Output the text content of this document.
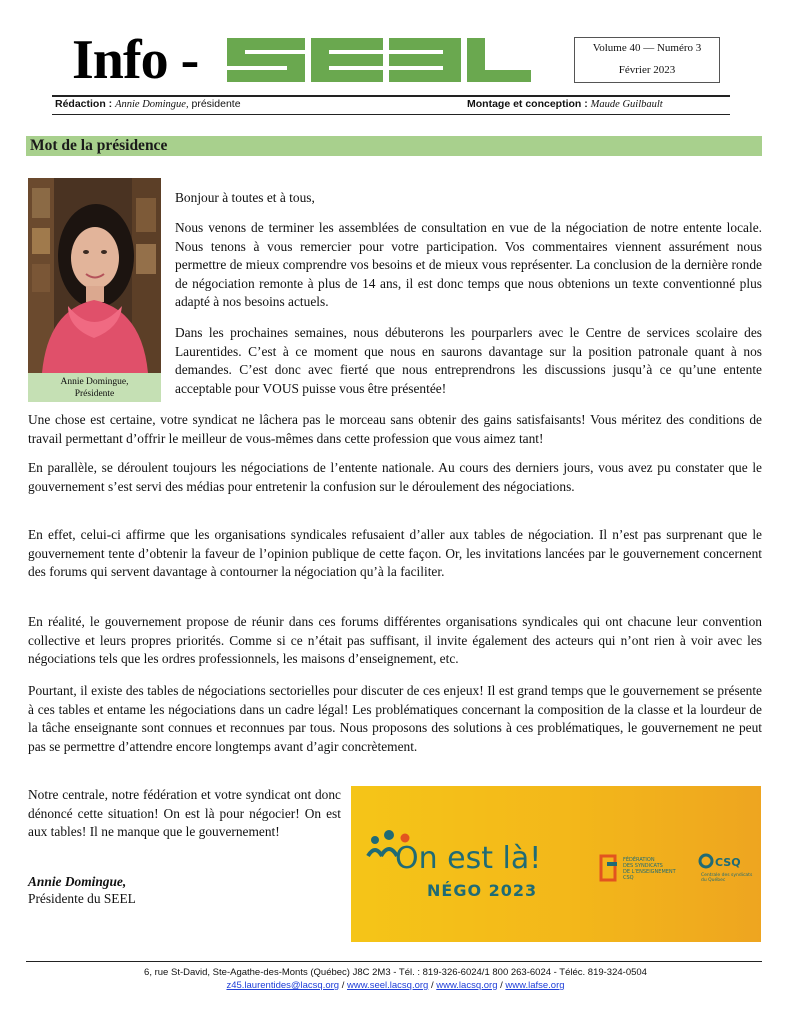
Info -	Volume 40 — Numéro 3
Février 2023
Rédaction : Annie Domingue, présidente	Montage et conception : Maude Guilbault
Mot de la présidence
Annie Domingue,
Présidente

Bonjour à toutes et à tous,

Nous venons de terminer les assemblées de consultation en vue de la négociation de notre entente locale. Nous tenons à vous remercier pour votre participation. Vos commentaires viennent assurément nous permettre de mieux comprendre vos besoins et de mieux vous représenter. La conclusion de la dernière ronde de négociation remonte à plus de 14 ans, il est donc temps que nous obtenions un texte conventionné plus adapté à nos besoins actuels.

Dans les prochaines semaines, nous débuterons les pourparlers avec le Centre de services scolaire des Laurentides. C’est à ce moment que nous en saurons davantage sur la position patronale quant à nos demandes. C’est donc avec fierté que nous entreprendrons les discussions jusqu’à ce qu’une entente acceptable pour VOUS puisse vous être présentée!

Une chose est certaine, votre syndicat ne lâchera pas le morceau sans obtenir des gains satisfaisants! Vous méritez des conditions de travail permettant d’offrir le meilleur de vous-mêmes dans cette profession que vous aimez tant!

En parallèle, se déroulent toujours les négociations de l’entente nationale. Au cours des derniers jours, vous avez pu constater que le gouvernement s’est servi des médias pour entretenir la confusion sur le déroulement des négociations.

En effet, celui-ci affirme que les organisations syndicales refusaient d’aller aux tables de négociation. Il n’est pas surprenant que le gouvernement tente d’obtenir la faveur de l’opinion publique de cette façon. Or, les invitations lancées par le gouvernement concernent des forums qui servent davantage à contourner la négociation qu’à la faciliter.

En réalité, le gouvernement propose de réunir dans ces forums différentes organisations syndicales qui ont chacune leur convention collective et leurs propres priorités. Comme si ce n’était pas suffisant, il invite également des acteurs qui n’ont rien à voir avec les négociations tels que les ordres professionnels, les maisons d’enseignement, etc.

Pourtant, il existe des tables de négociations sectorielles pour discuter de ces enjeux! Il est grand temps que le gouvernement se présente à ces tables et entame les négociations dans un cadre légal! Les problématiques concernant la composition de la classe et la lourdeur de la tâche enseignante sont connues et reconnues par tous. Nous proposons des solutions à ces problématiques, le gouvernement ne peut pas se permettre d’attendre encore longtemps avant d’agir concrètement.

Notre centrale, notre fédération et votre syndicat ont donc dénoncé cette situation! On est là pour négocier! On est aux tables! Il ne manque que le gouvernement!

Annie Domingue,
Présidente du SEEL
On est là!
NÉGO 2023
FÉDÉRATION
DES SYNDICATS
DE L’ENSEIGNEMENT
CSQ
CSQ
Centrale des syndicats
du Québec
6, rue St-David, Ste-Agathe-des-Monts (Québec) J8C 2M3 - Tél. : 819-326-6024/1 800 263-6024 - Téléc. 819-324-0504
z45.laurentides@lacsq.org / www.seel.lacsq.org / www.lacsq.org / www.lafse.org
